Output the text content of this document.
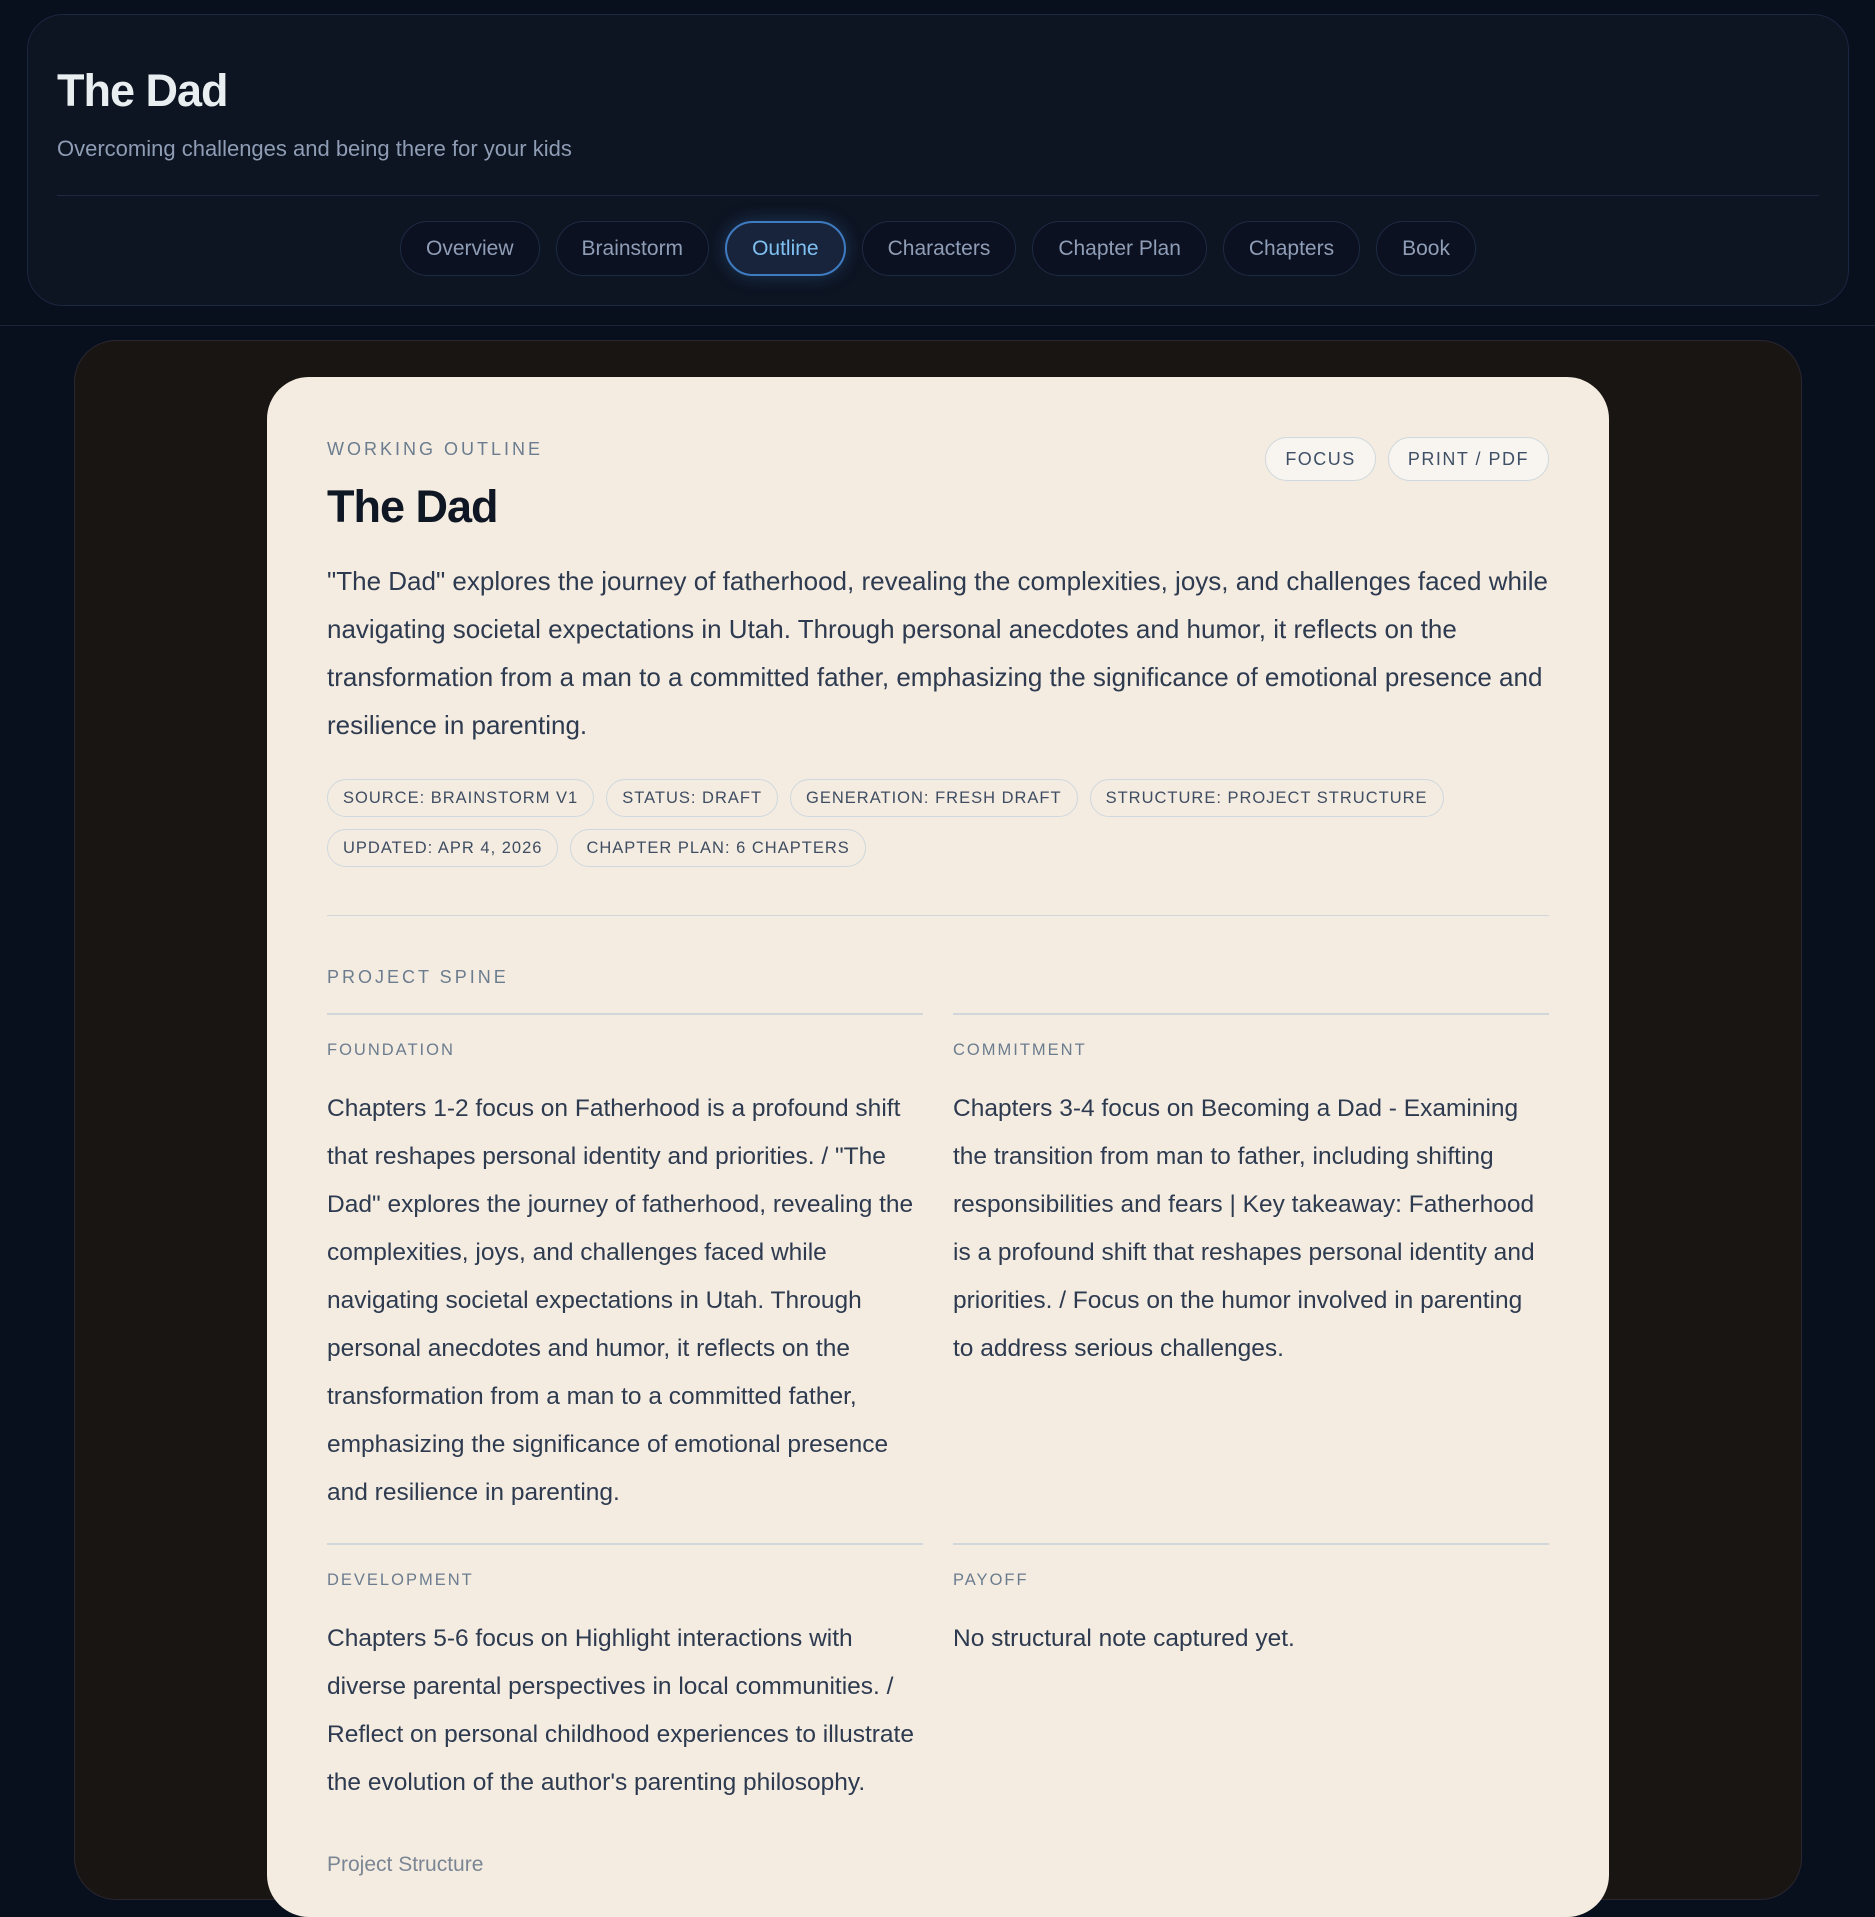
The Dad
Overcoming challenges and being there for your kids
Overview	Brainstorm	Outline	Characters	Chapter Plan	Chapters	Book
WORKING OUTLINE	FOCUS	PRINT / PDF
The Dad

"The Dad" explores the journey of fatherhood, revealing the complexities, joys, and challenges faced while navigating societal expectations in Utah. Through personal anecdotes and humor, it reflects on the transformation from a man to a committed father, emphasizing the significance of emotional presence and resilience in parenting.

SOURCE: BRAINSTORM V1	STATUS: DRAFT	GENERATION: FRESH DRAFT	STRUCTURE: PROJECT STRUCTURE
UPDATED: APR 4, 2026	CHAPTER PLAN: 6 CHAPTERS
PROJECT SPINE
FOUNDATION

Chapters 1-2 focus on Fatherhood is a profound shift that reshapes personal identity and priorities. / "The Dad" explores the journey of fatherhood, revealing the complexities, joys, and challenges faced while navigating societal expectations in Utah. Through personal anecdotes and humor, it reflects on the transformation from a man to a committed father, emphasizing the significance of emotional presence and resilience in parenting.

COMMITMENT

Chapters 3-4 focus on Becoming a Dad - Examining the transition from man to father, including shifting responsibilities and fears | Key takeaway: Fatherhood is a profound shift that reshapes personal identity and priorities. / Focus on the humor involved in parenting to address serious challenges.

DEVELOPMENT

Chapters 5-6 focus on Highlight interactions with diverse parental perspectives in local communities. / Reflect on personal childhood experiences to illustrate the evolution of the author's parenting philosophy.

Project Structure
PAYOFF

No structural note captured yet.
